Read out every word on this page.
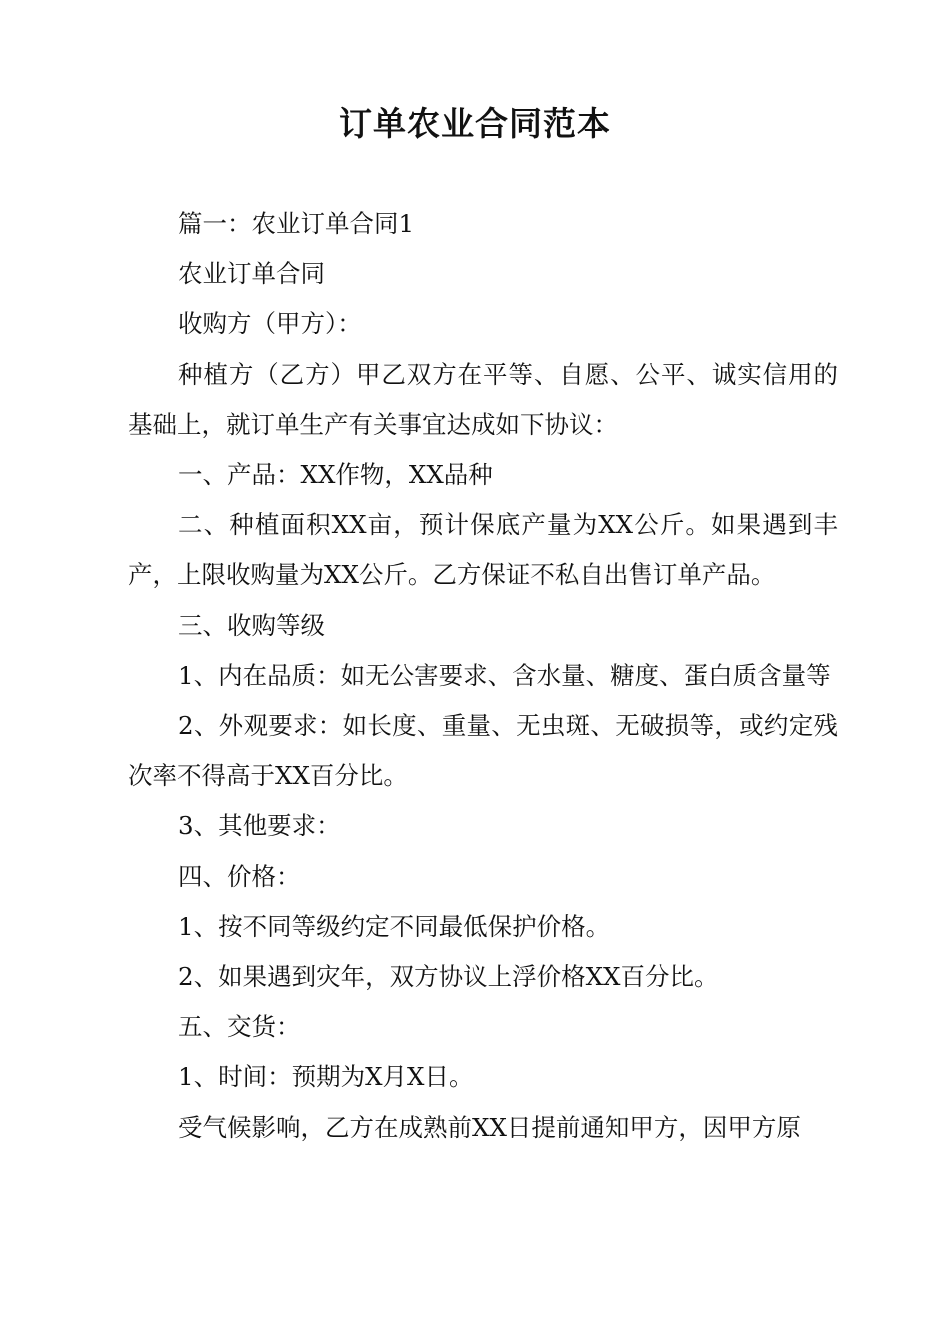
订单农业合同范本

篇一：农业订单合同1

农业订单合同

收购方（甲方）：

种植方（乙方）甲乙双方在平等、自愿、公平、诚实信用的基础上，就订单生产有关事宜达成如下协议：

一、产品：XX作物，XX品种

二、种植面积XX亩，预计保底产量为XX公斤。如果遇到丰产，上限收购量为XX公斤。乙方保证不私自出售订单产品。

三、收购等级

1、内在品质：如无公害要求、含水量、糖度、蛋白质含量等

2、外观要求：如长度、重量、无虫斑、无破损等，或约定残次率不得高于XX百分比。

3、其他要求：

四、价格：

1、按不同等级约定不同最低保护价格。

2、如果遇到灾年，双方协议上浮价格XX百分比。

五、交货：

1、时间：预期为X月X日。

受气候影响，乙方在成熟前XX日提前通知甲方，因甲方原
